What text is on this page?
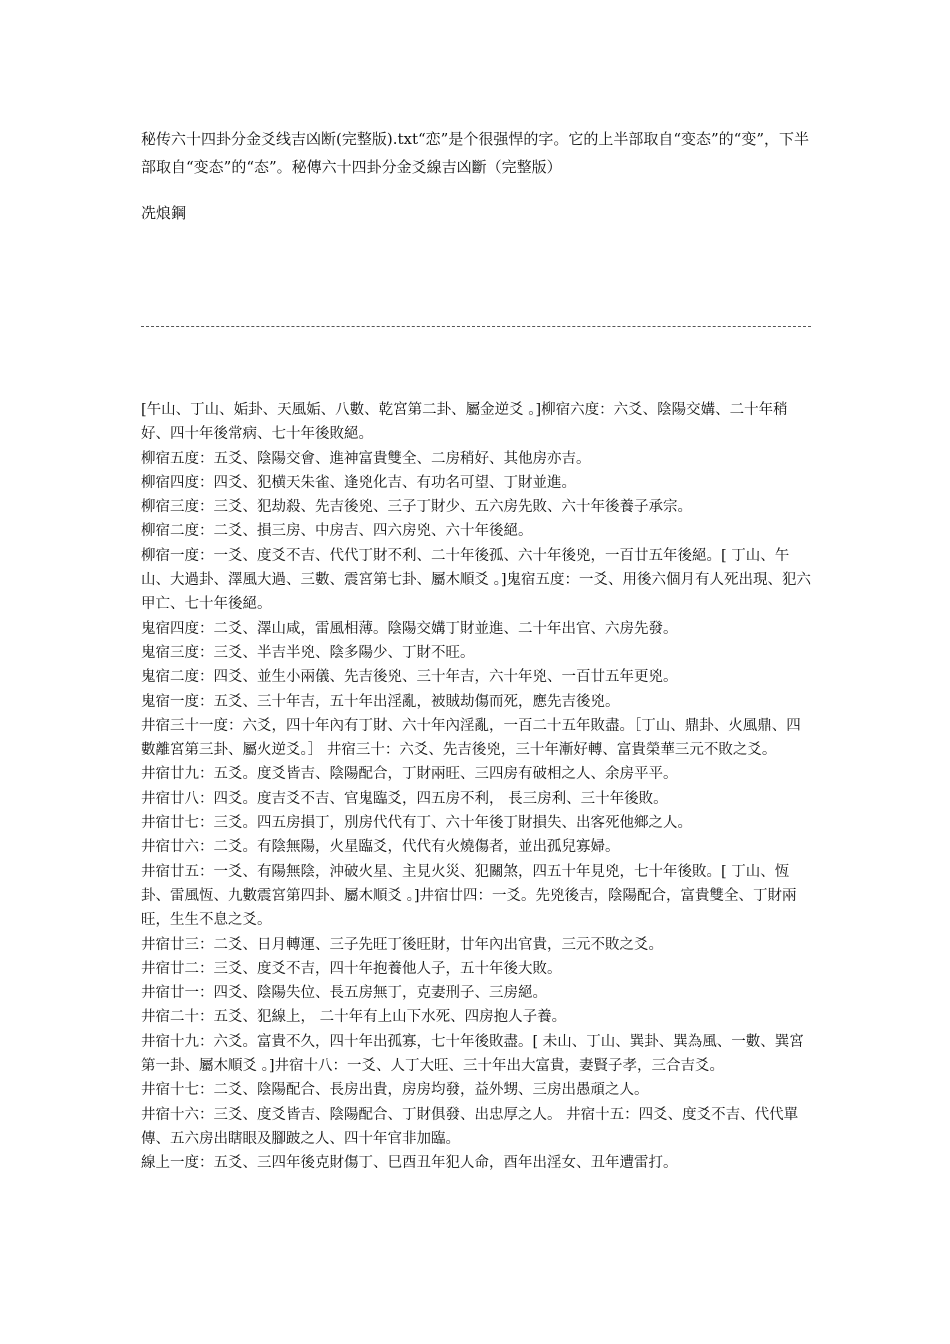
秘传六十四卦分金爻线吉凶断(完整版).txt“恋”是个很强悍的字。它的上半部取自“变态”的“变”，下半部取自“变态”的“态”。秘傳六十四卦分金爻線吉凶斷（完整版）
冼烺鋼

[午山、丁山、姤卦、天風姤、八數、乾宮第二卦、屬金逆爻 。]柳宿六度：六爻、陰陽交媾、二十年稍好、四十年後常病、七十年後敗絕。

柳宿五度：五爻、陰陽交會、進神富貴雙全、二房稍好、其他房亦吉。

柳宿四度：四爻、犯横天朱雀、逢兇化吉、有功名可望、丁財並進。

柳宿三度：三爻、犯劫殺、先吉後兇、三子丁財少、五六房先敗、六十年後養子承宗。

柳宿二度：二爻、損三房、中房吉、四六房兇、六十年後絕。

柳宿一度：一爻、度爻不吉、代代丁財不利、二十年後孤、六十年後兇，一百廿五年後絕。[ 丁山、午山、大過卦、澤風大過、三數、震宮第七卦、屬木順爻 。]鬼宿五度：一爻、用後六個月有人死出現、犯六甲亡、七十年後絕。

鬼宿四度：二爻、澤山咸，雷風相薄。陰陽交媾丁財並進、二十年出官、六房先發。

鬼宿三度：三爻、半吉半兇、陰多陽少、丁財不旺。

鬼宿二度：四爻、並生小兩儀、先吉後兇、三十年吉，六十年兇、一百廿五年更兇。

鬼宿一度：五爻、三十年吉，五十年出淫亂，被賊劫傷而死，應先吉後兇。

井宿三十一度：六爻，四十年內有丁財、六十年內淫亂，一百二十五年敗盡。［丁山、鼎卦、火風鼎、四數離宮第三卦、屬火逆爻。］ 井宿三十：六爻、先吉後兇，三十年漸好轉、富貴榮華三元不敗之爻。

井宿廿九：五爻。度爻皆吉、陰陽配合，丁財兩旺、三四房有破相之人、余房平平。

井宿廿八：四爻。度吉爻不吉、官鬼臨爻，四五房不利， 長三房利、三十年後敗。

井宿廿七：三爻。四五房損丁，別房代代有丁、六十年後丁財損失、出客死他鄉之人。

井宿廿六：二爻。有陰無陽，火星臨爻，代代有火燒傷者，並出孤兒寡婦。

井宿廿五：一爻、有陽無陰，沖破火星、主見火災、犯關煞，四五十年見兇，七十年後敗。[ 丁山、恆卦、雷風恆、九數震宮第四卦、屬木順爻 。]井宿廿四：一爻。先兇後吉，陰陽配合，富貴雙全、丁財兩旺，生生不息之爻。

井宿廿三：二爻、日月轉運、三子先旺丁後旺財，廿年內出官貴，三元不敗之爻。

井宿廿二：三爻、度爻不吉，四十年抱養他人子，五十年後大敗。

井宿廿一：四爻、陰陽失位、長五房無丁，克妻刑子、三房絕。

井宿二十：五爻、犯線上， 二十年有上山下水死、四房抱人子養。

井宿十九：六爻。富貴不久，四十年出孤寡，七十年後敗盡。[ 未山、丁山、巽卦、巽為風、一數、巽宮第一卦、屬木順爻 。]井宿十八：一爻、人丁大旺、三十年出大富貴，妻賢子孝，三合吉爻。

井宿十七：二爻、陰陽配合、長房出貴，房房均發，益外甥、三房出愚頑之人。

井宿十六：三爻、度爻皆吉、陰陽配合、丁財俱發、出忠厚之人。 井宿十五：四爻、度爻不吉、代代單傳、五六房出瞎眼及腳跛之人、四十年官非加臨。

線上一度：五爻、三四年後克財傷丁、巳酉丑年犯人命，酉年出淫女、丑年遭雷打。
